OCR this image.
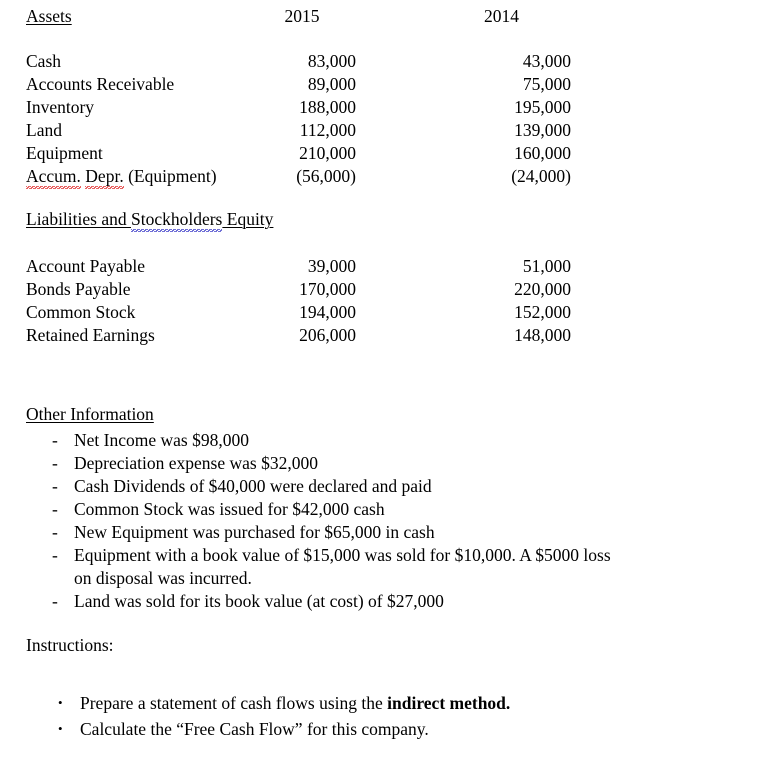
Assets	2015	2014
Cash	83,000	43,000
Accounts Receivable	89,000	75,000
Inventory	188,000	195,000
Land	112,000	139,000
Equipment	210,000	160,000
Accum. Depr. (Equipment)	(56,000)	(24,000)
Liabilities and Stockholders Equity
Account Payable	39,000	51,000
Bonds Payable	170,000	220,000
Common Stock	194,000	152,000
Retained Earnings	206,000	148,000
Other Information
- Net Income was $98,000
- Depreciation expense was $32,000
- Cash Dividends of $40,000 were declared and paid
- Common Stock was issued for $42,000 cash
- New Equipment was purchased for $65,000 in cash
- Equipment with a book value of $15,000 was sold for $10,000. A $5000 loss
on disposal was incurred.
- Land was sold for its book value (at cost) of $27,000
Instructions:
• Prepare a statement of cash flows using the indirect method.
• Calculate the “Free Cash Flow” for this company.
